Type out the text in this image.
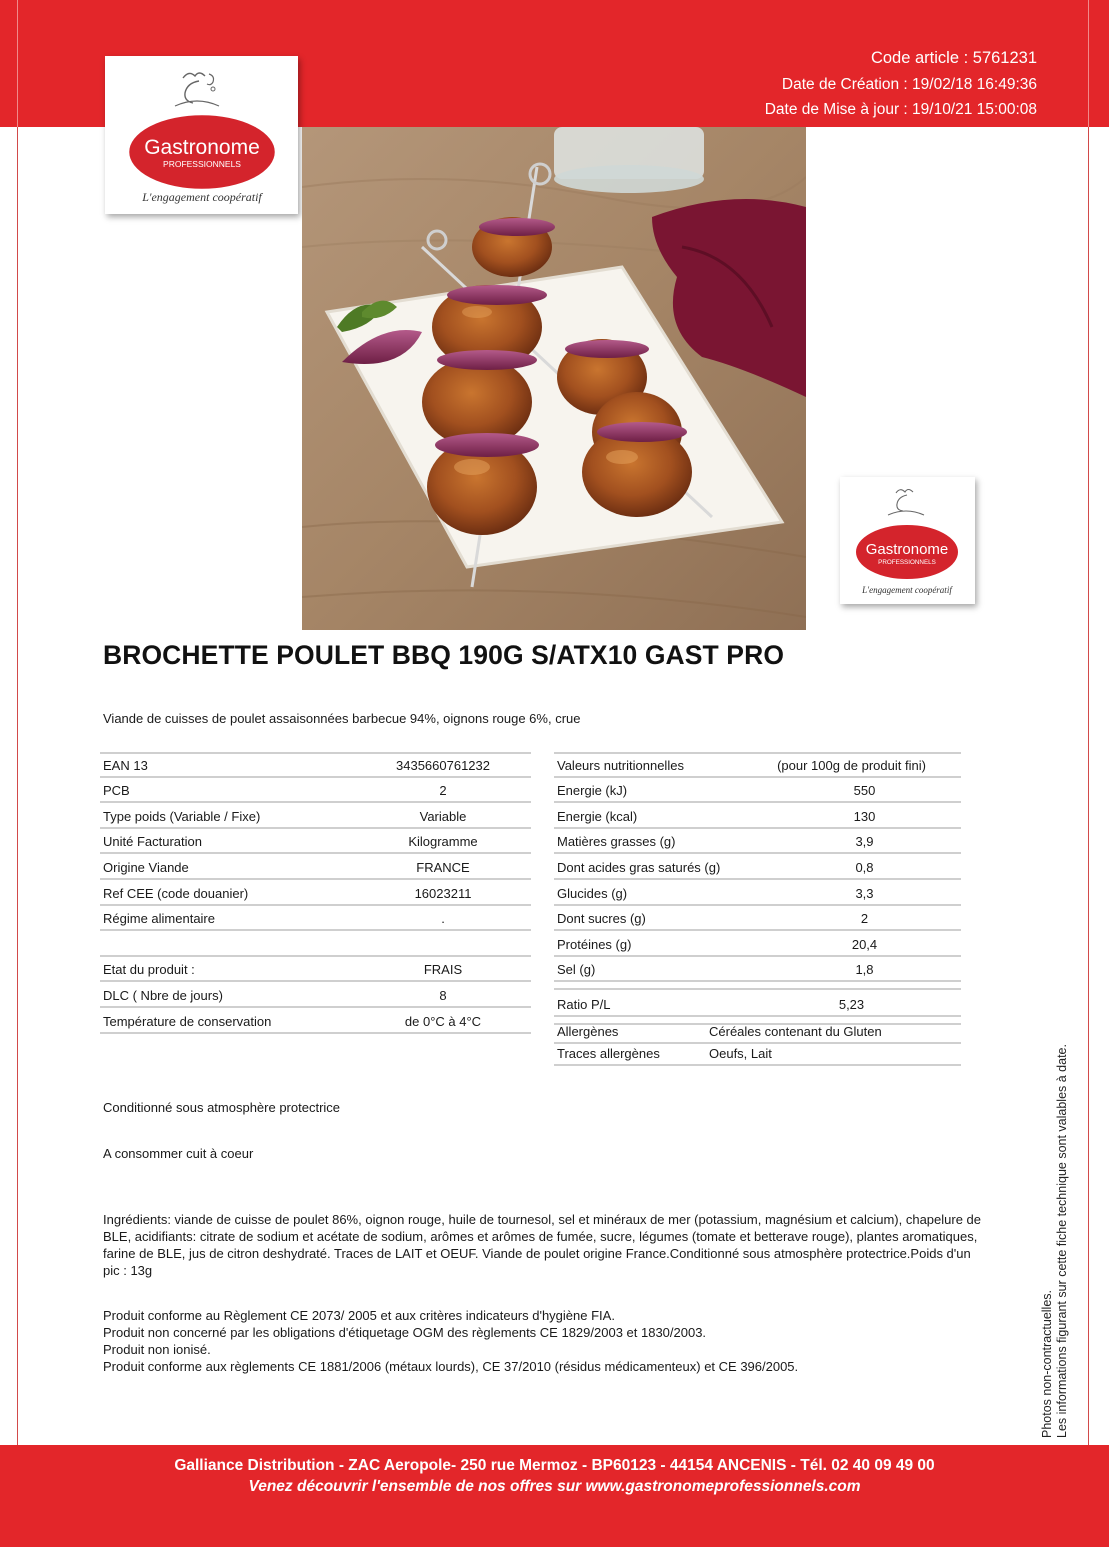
Code article : 5761231
Date de Création : 19/02/18 16:49:36
Date de Mise à jour : 19/10/21 15:00:08
Gastronome
PROFESSIONNELS
L'engagement coopératif
Gastronome
PROFESSIONNELS
L'engagement coopératif
BROCHETTE POULET BBQ 190G S/ATX10 GAST PRO
Viande de cuisses de poulet assaisonnées barbecue 94%, oignons rouge 6%, crue
EAN 13	3435660761232
PCB	2
Type poids (Variable / Fixe)	Variable
Unité Facturation	Kilogramme
Origine Viande	FRANCE
Ref CEE (code douanier)	16023211
Régime alimentaire	.
Etat du produit :	FRAIS
DLC ( Nbre de jours)	8
Température de conservation	de 0°C à 4°C
Valeurs nutritionnelles	(pour 100g de produit fini)
Energie (kJ)	550
Energie (kcal)	130
Matières grasses (g)	3,9
Dont acides gras saturés (g)	0,8
Glucides (g)	3,3
Dont sucres (g)	2
Protéines (g)	20,4
Sel (g)	1,8
Ratio P/L	5,23
Allergènes	Céréales contenant du Gluten
Traces allergènes	Oeufs, Lait
Conditionné sous atmosphère protectrice
A consommer cuit à coeur
Ingrédients: viande de cuisse de poulet 86%, oignon rouge, huile de tournesol, sel et minéraux de mer (potassium, magnésium et calcium), chapelure de BLE, acidifiants: citrate de sodium et acétate de sodium, arômes et arômes de fumée, sucre, légumes (tomate et betterave rouge), plantes aromatiques, farine de BLE, jus de citron deshydraté. Traces de LAIT et OEUF. Viande de poulet origine France.Conditionné sous atmosphère protectrice.Poids d'un pic : 13g
Produit conforme au Règlement CE 2073/ 2005 et aux critères indicateurs d'hygiène FIA.
Produit non concerné par les obligations d'étiquetage OGM des règlements CE 1829/2003 et 1830/2003.
Produit non ionisé.
Produit conforme aux règlements CE 1881/2006 (métaux lourds), CE 37/2010 (résidus médicamenteux) et CE 396/2005.	Photos non-contractuelles. Les informations figurant sur cette fiche technique sont valables à date.
Galliance Distribution - ZAC Aeropole- 250 rue Mermoz - BP60123 - 44154 ANCENIS - Tél. 02 40 09 49 00
Venez découvrir l'ensemble de nos offres sur www.gastronomeprofessionnels.com
